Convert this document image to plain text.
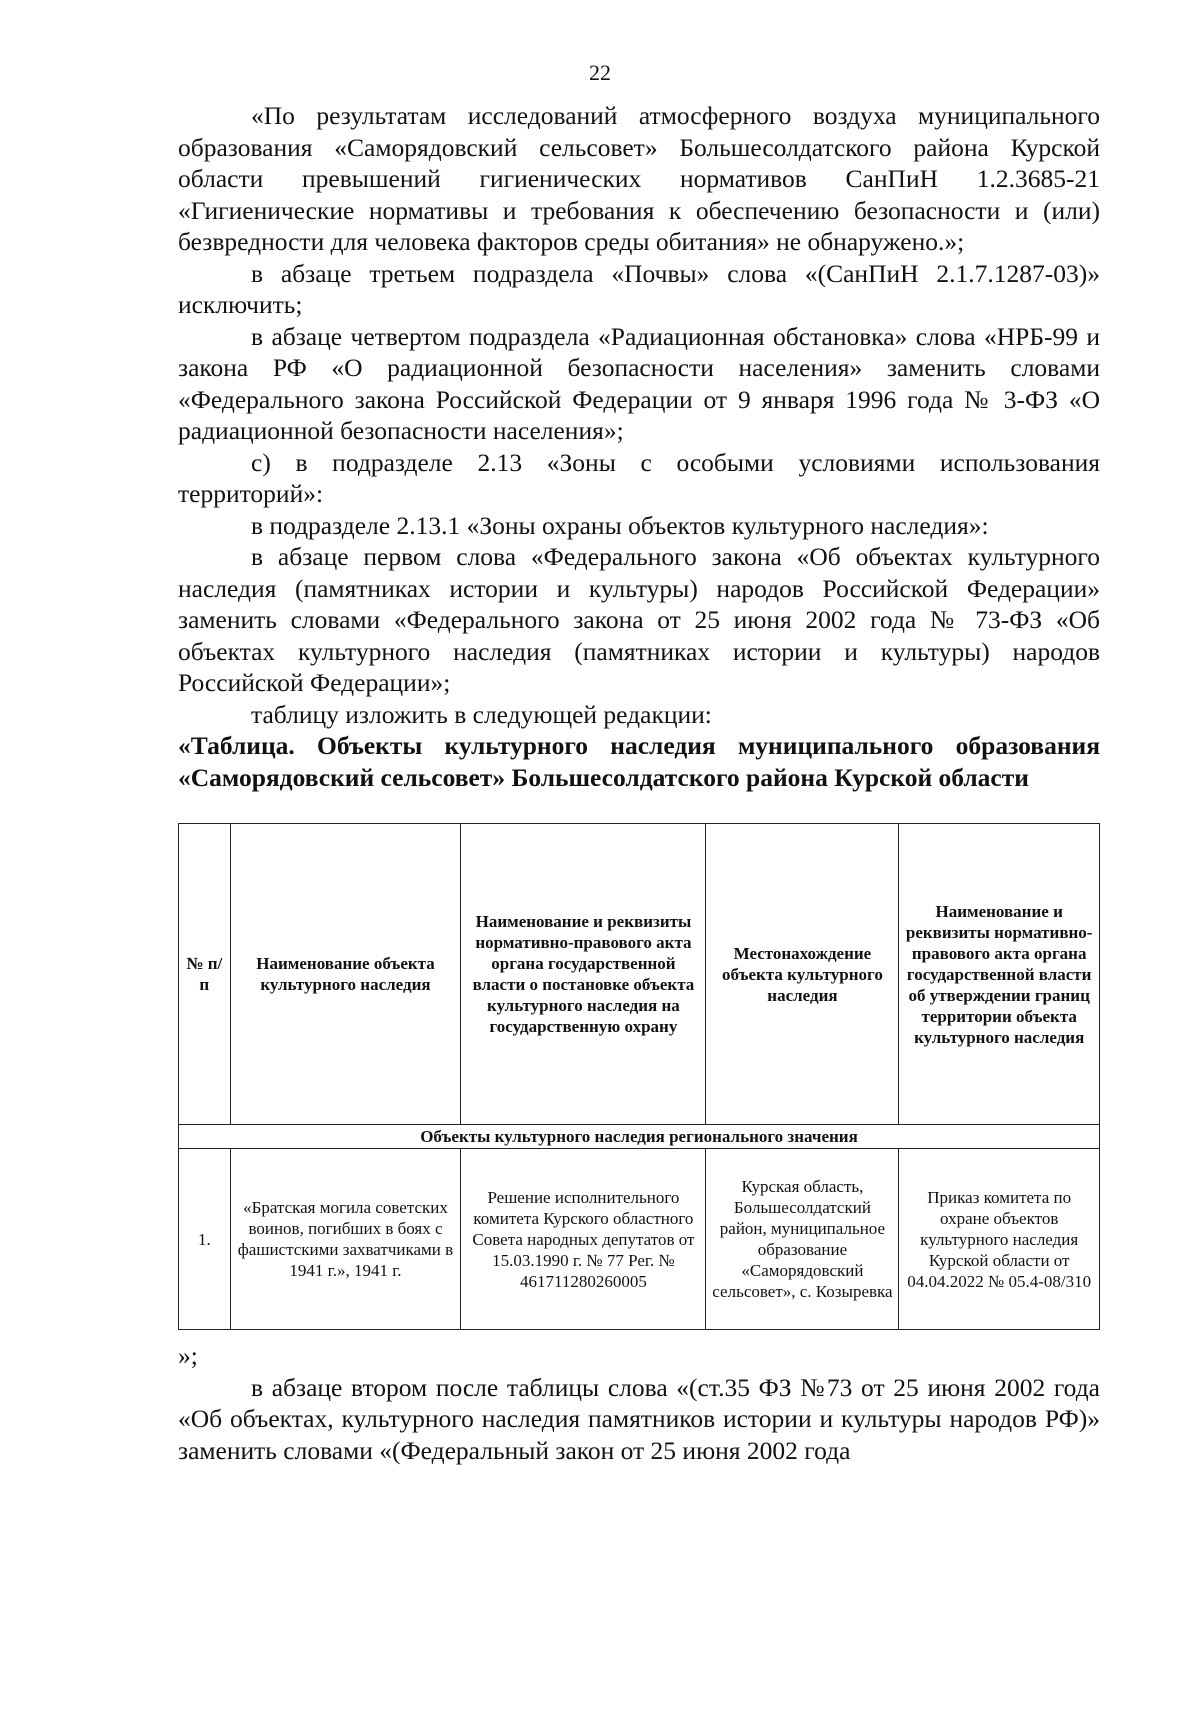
22

«По результатам исследований атмосферного воздуха муниципального образования «Саморядовский сельсовет» Большесолдатского района Курской области превышений гигиенических нормативов СанПиН 1.2.3685-21 «Гигиенические нормативы и требования к обеспечению безопасности и (или) безвредности для человека факторов среды обитания» не обнаружено.»;

в абзаце третьем подраздела «Почвы» слова «(СанПиН 2.1.7.1287-03)» исключить;

в абзаце четвертом подраздела «Радиационная обстановка» слова «НРБ-99 и закона РФ «О радиационной безопасности населения» заменить словами «Федерального закона Российской Федерации от 9 января 1996 года № 3-ФЗ «О радиационной безопасности населения»;

с) в подразделе 2.13 «Зоны с особыми условиями использования территорий»:

в подразделе 2.13.1 «Зоны охраны объектов культурного наследия»:

в абзаце первом слова «Федерального закона «Об объектах культурного наследия (памятниках истории и культуры) народов Российской Федерации» заменить словами «Федерального закона от 25 июня 2002 года № 73-ФЗ «Об объектах культурного наследия (памятниках истории и культуры) народов Российской Федерации»;

таблицу изложить в следующей редакции:

«Таблица. Объекты культурного наследия муниципального образования «Саморядовский сельсовет» Большесолдатского района Курской области

№ п/п	Наименование объекта культурного наследия	Наименование и реквизиты нормативно-правового акта органа государственной власти о постановке объекта культурного наследия на государственную охрану	Местонахождение объекта культурного наследия	Наименование и реквизиты нормативно-правового акта органа государственной власти об утверждении границ территории объекта культурного наследия
Объекты культурного наследия регионального значения				
1.	«Братская могила советских воинов, погибших в боях с фашистскими захватчиками в 1941 г.», 1941 г.	Решение исполнительного комитета Курского областного Совета народных депутатов от 15.03.1990 г. № 77 Рег. № 461711280260005	Курская область, Большесолдатский район, муниципальное образование «Саморядовский сельсовет», с. Козыревка	Приказ комитета по охране объектов культурного наследия Курской области от 04.04.2022 № 05.4-08/310

»;

в абзаце втором после таблицы слова «(ст.35 ФЗ №73 от 25 июня 2002 года «Об объектах, культурного наследия памятников истории и культуры народов РФ)» заменить словами «(Федеральный закон от 25 июня 2002 года
